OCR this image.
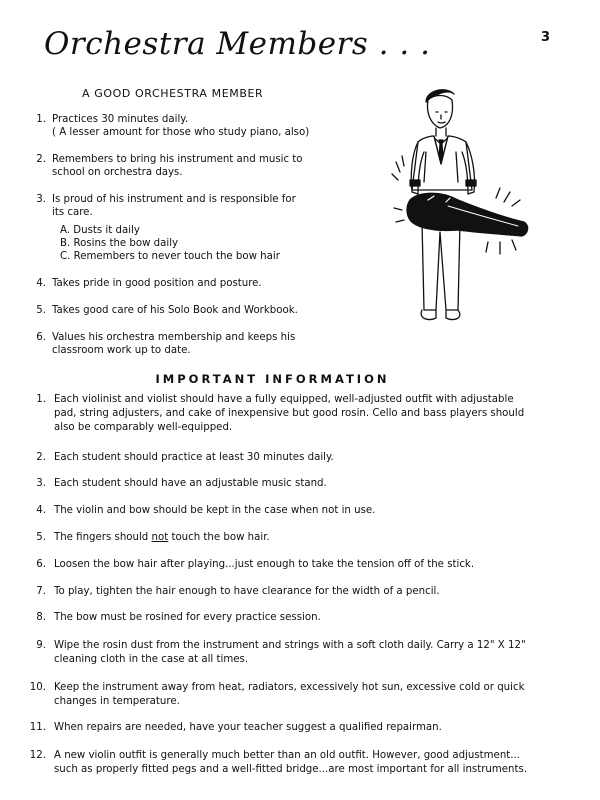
Orchestra Members . . .	3
A GOOD ORCHESTRA MEMBER
1. Practices 30 minutes daily.
( A lesser amount for those who study piano, also)
2. Remembers to bring his instrument and music to
school on orchestra days.
3. Is proud of his instrument and is responsible for
its care.
A. Dusts it daily
B. Rosins the bow daily
C. Remembers to never touch the bow hair
4. Takes pride in good position and posture.
5. Takes good care of his Solo Book and Workbook.
6. Values his orchestra membership and keeps his
classroom work up to date.
IMPORTANT INFORMATION
1. Each violinist and violist should have a fully equipped, well-adjusted outfit with adjustable
pad, string adjusters, and cake of inexpensive but good rosin. Cello and bass players should
also be comparably well-equipped.
2. Each student should practice at least 30 minutes daily.
3. Each student should have an adjustable music stand.
4. The violin and bow should be kept in the case when not in use.
5. The fingers should not touch the bow hair.
6. Loosen the bow hair after playing...just enough to take the tension off of the stick.
7. To play, tighten the hair enough to have clearance for the width of a pencil.
8. The bow must be rosined for every practice session.
9. Wipe the rosin dust from the instrument and strings with a soft cloth daily. Carry a 12" X 12"
cleaning cloth in the case at all times.
10. Keep the instrument away from heat, radiators, excessively hot sun, excessive cold or quick
changes in temperature.
11. When repairs are needed, have your teacher suggest a qualified repairman.
12. A new violin outfit is generally much better than an old outfit. However, good adjustment...
such as properly fitted pegs and a well-fitted bridge...are most important for all instruments.
